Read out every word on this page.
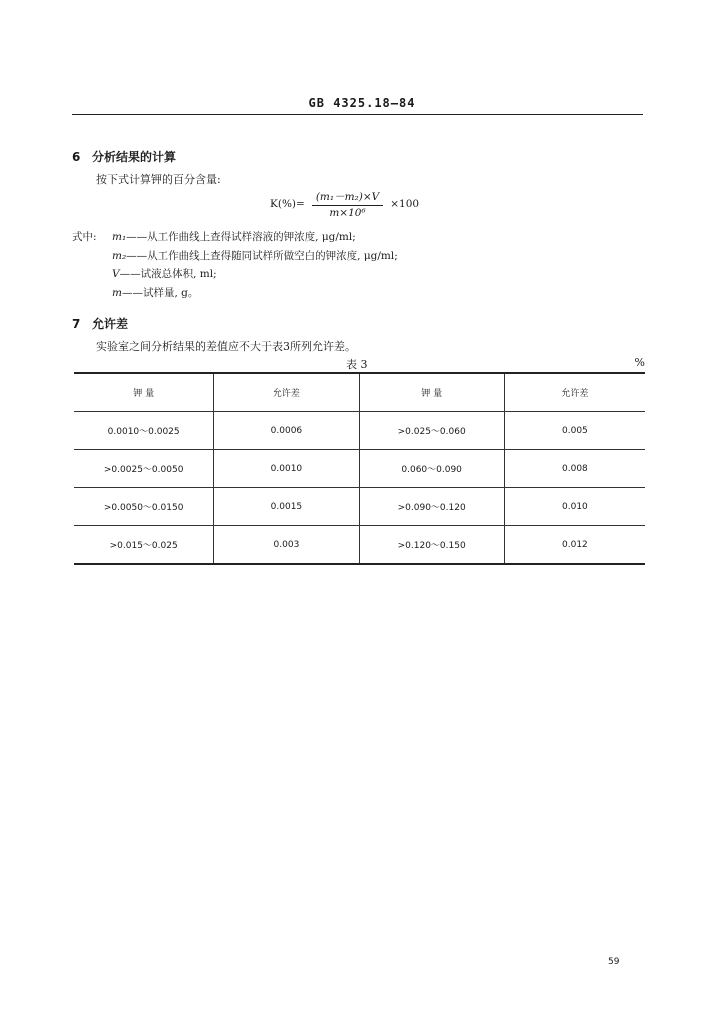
GB 4325.18—84
6 分析结果的计算
按下式计算钾的百分含量:
$K(\%)= \frac{\text{(m₁－m₂)×V}}{\text{m×10⁶}} \times 100$
式中: m₁——从工作曲线上查得试样溶液的钾浓度, μg/ml;
m₂——从工作曲线上查得随同试样所做空白的钾浓度, μg/ml;
V——试液总体积, ml;
m——试样量, g。
7 允许差
实验室之间分析结果的差值应不大于表3所列允许差。
表 3	%
钾 量	允许差	钾 量	允许差
0.0010～0.0025	0.0006	>0.025～0.060	0.005
>0.0025～0.0050	0.0010	0.060～0.090	0.008
>0.0050～0.0150	0.0015	>0.090～0.120	0.010
>0.015～0.025	0.003	>0.120～0.150	0.012
59
